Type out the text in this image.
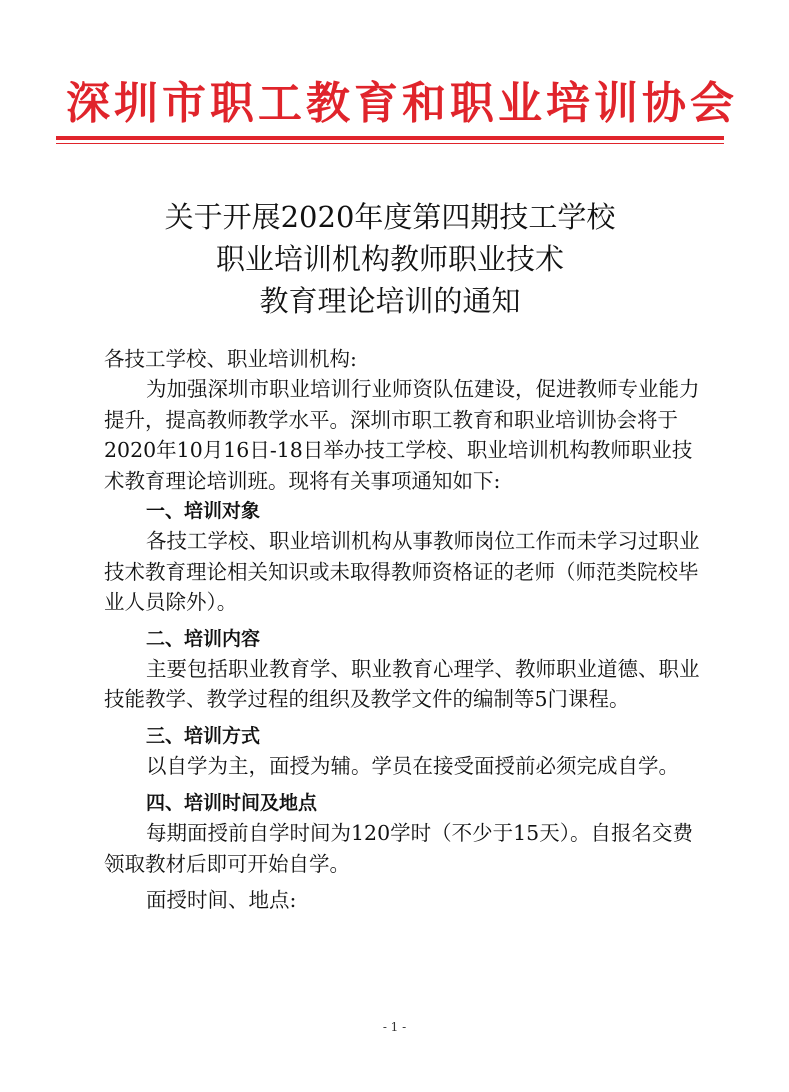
深圳市职工教育和职业培训协会
关于开展2020年度第四期技工学校
职业培训机构教师职业技术
教育理论培训的通知

各技工学校、职业培训机构:

为加强深圳市职业培训行业师资队伍建设，促进教师专业能力提升，提高教师教学水平。深圳市职工教育和职业培训协会将于2020年10月16日-18日举办技工学校、职业培训机构教师职业技术教育理论培训班。现将有关事项通知如下:

一、培训对象

各技工学校、职业培训机构从事教师岗位工作而未学习过职业技术教育理论相关知识或未取得教师资格证的老师（师范类院校毕业人员除外）。

二、培训内容

主要包括职业教育学、职业教育心理学、教师职业道德、职业技能教学、教学过程的组织及教学文件的编制等5门课程。

三、培训方式

以自学为主，面授为辅。学员在接受面授前必须完成自学。

四、培训时间及地点

每期面授前自学时间为120学时（不少于15天）。自报名交费领取教材后即可开始自学。

面授时间、地点:

- 1 -
